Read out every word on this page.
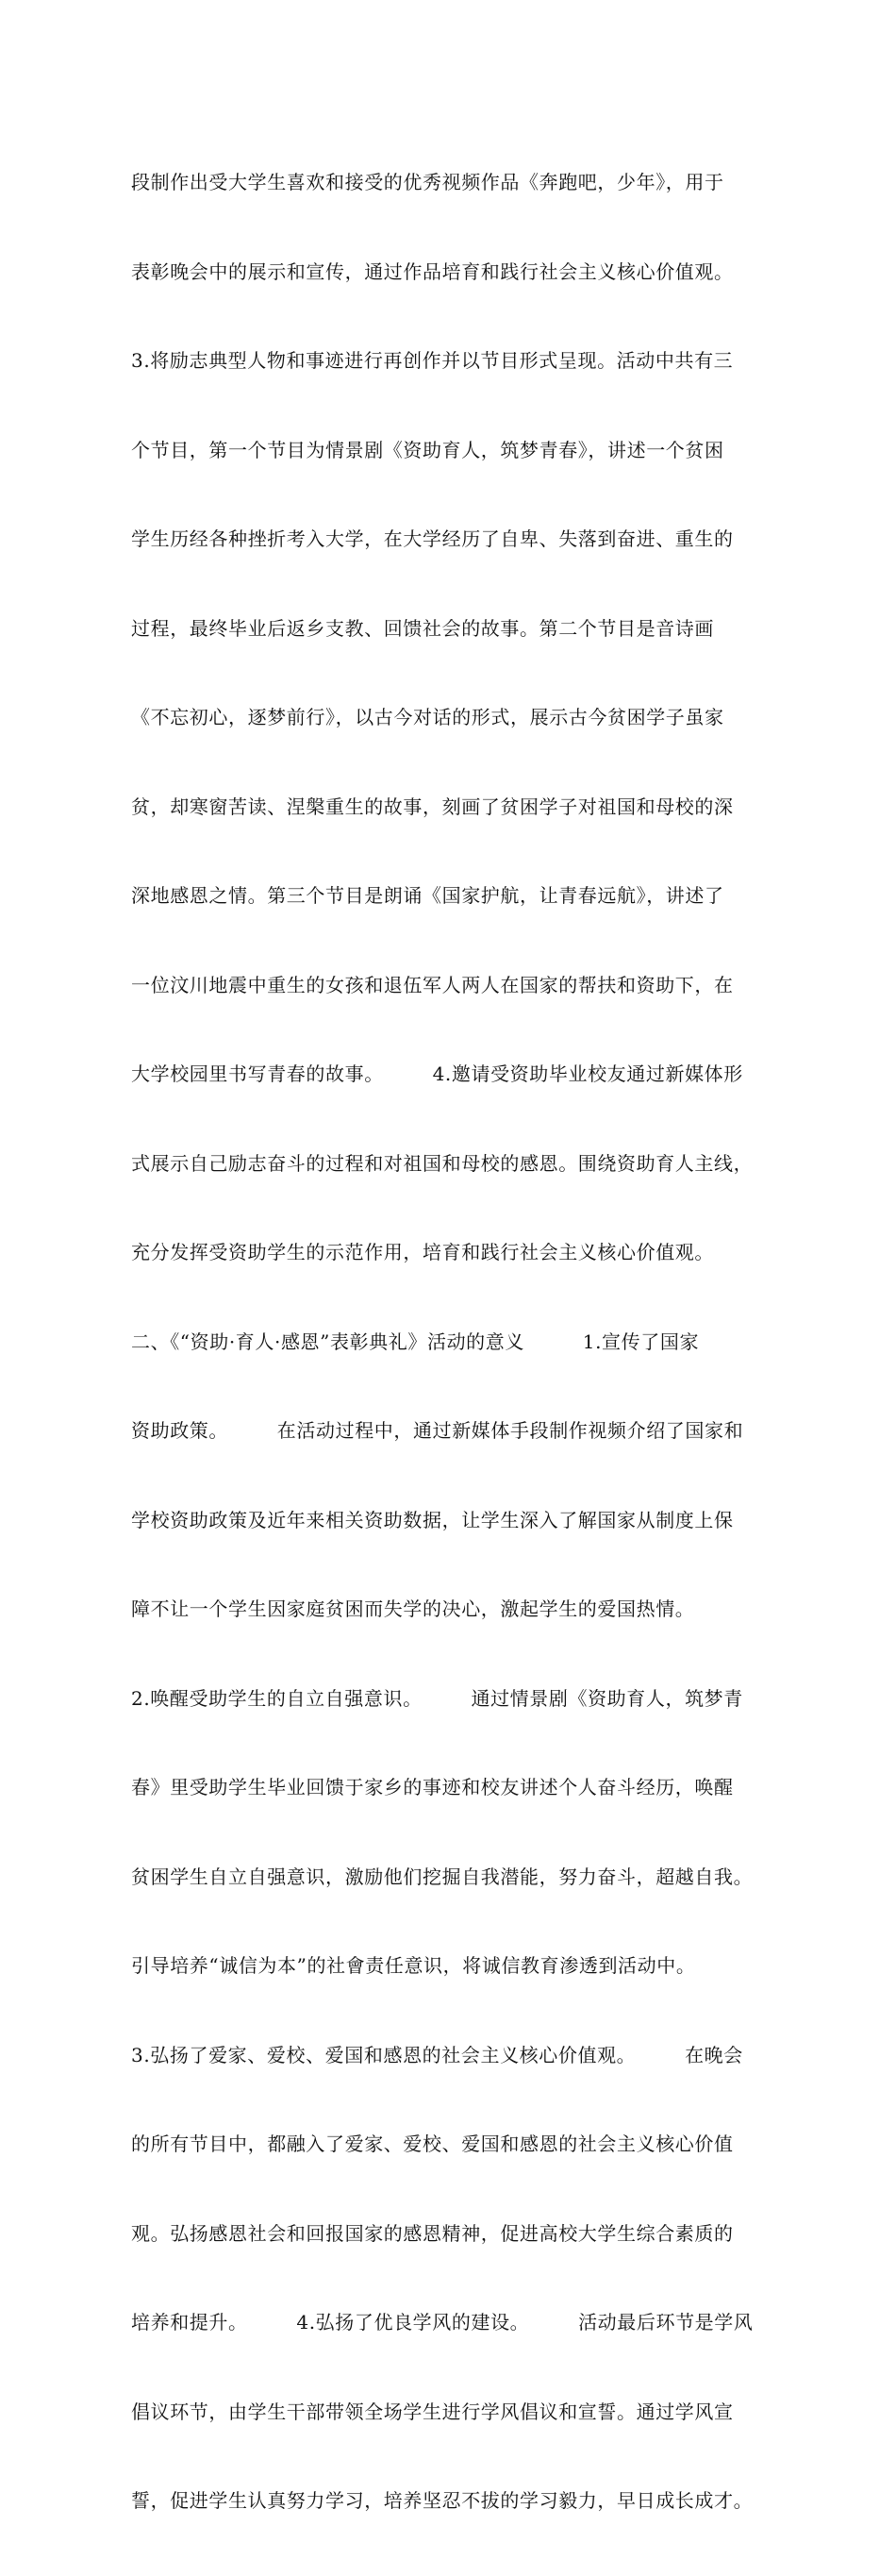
段制作出受大学生喜欢和接受的优秀视频作品《奔跑吧，少年》，用于

表彰晚会中的展示和宣传，通过作品培育和践行社会主义核心价值观。

3.将励志典型人物和事迹进行再创作并以节目形式呈现。活动中共有三

个节目，第一个节目为情景剧《资助育人，筑梦青春》，讲述一个贫困

学生历经各种挫折考入大学，在大学经历了自卑、失落到奋进、重生的

过程，最终毕业后返乡支教、回馈社会的故事。第二个节目是音诗画

《不忘初心，逐梦前行》，以古今对话的形式，展示古今贫困学子虽家

贫，却寒窗苦读、涅槃重生的故事，刻画了贫困学子对祖国和母校的深

深地感恩之情。第三个节目是朗诵《国家护航，让青春远航》，讲述了

一位汶川地震中重生的女孩和退伍军人两人在国家的帮扶和资助下，在

大学校园里书写青春的故事。　　　4.邀请受资助毕业校友通过新媒体形

式展示自己励志奋斗的过程和对祖国和母校的感恩。围绕资助育人主线，

充分发挥受资助学生的示范作用，培育和践行社会主义核心价值观。

二、《“资助·育人·感恩”表彰典礼》活动的意义　　　1.宣传了国家

资助政策。　　　在活动过程中，通过新媒体手段制作视频介绍了国家和

学校资助政策及近年来相关资助数据，让学生深入了解国家从制度上保

障不让一个学生因家庭贫困而失学的决心，激起学生的爱国热情。

2.唤醒受助学生的自立自强意识。　　　通过情景剧《资助育人，筑梦青

春》里受助学生毕业回馈于家乡的事迹和校友讲述个人奋斗经历，唤醒

贫困学生自立自强意识，激励他们挖掘自我潜能，努力奋斗，超越自我。

引导培养“诚信为本”的社會责任意识，将诚信教育渗透到活动中。

3.弘扬了爱家、爱校、爱国和感恩的社会主义核心价值观。　　　在晚会

的所有节目中，都融入了爱家、爱校、爱国和感恩的社会主义核心价值

观。弘扬感恩社会和回报国家的感恩精神，促进高校大学生综合素质的

培养和提升。　　　4.弘扬了优良学风的建设。　　　活动最后环节是学风

倡议环节，由学生干部带领全场学生进行学风倡议和宣誓。通过学风宣

誓，促进学生认真努力学习，培养坚忍不拔的学习毅力，早日成长成才。
